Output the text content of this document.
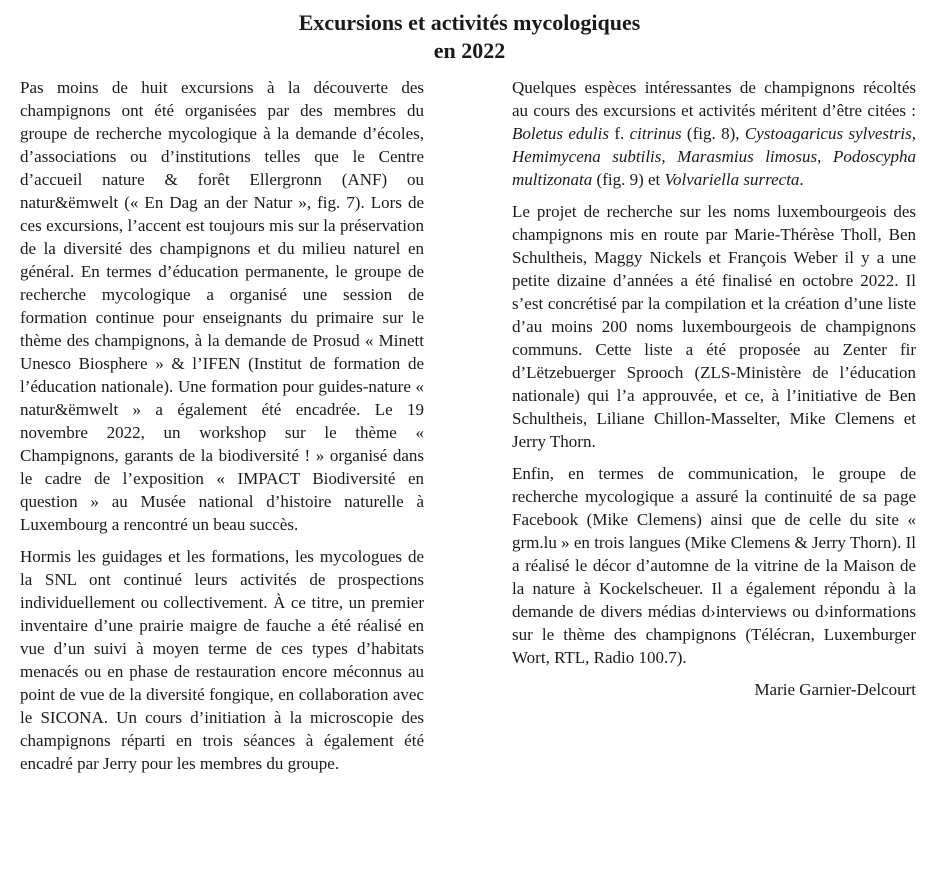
Excursions et activités mycologiques
en 2022

Pas moins de huit excursions à la découverte des champignons ont été organisées par des membres du groupe de recherche mycologique à la demande d’écoles, d’associations ou d’institutions telles que le Centre d’accueil nature & forêt Ellergronn (ANF) ou natur&ëmwelt (« En Dag an der Natur », fig. 7). Lors de ces excursions, l’accent est toujours mis sur la préservation de la diversité des champignons et du milieu naturel en général. En termes d’éducation permanente, le groupe de recherche mycologique a organisé une session de formation continue pour enseignants du primaire sur le thème des champignons, à la demande de Prosud « Minett Unesco Biosphere » & l’IFEN (Institut de formation de l’éducation nationale). Une formation pour guides-nature « natur&ëmwelt » a également été encadrée. Le 19 novembre 2022, un workshop sur le thème « Champignons, garants de la biodiversité ! » organisé dans le cadre de l’exposition « IMPACT Biodiversité en question » au Musée national d’histoire naturelle à Luxembourg a rencontré un beau succès.

Hormis les guidages et les formations, les mycologues de la SNL ont continué leurs activités de prospections individuellement ou collectivement. À ce titre, un premier inventaire d’une prairie maigre de fauche a été réalisé en vue d’un suivi à moyen terme de ces types d’habitats menacés ou en phase de restauration encore méconnus au point de vue de la diversité fongique, en collaboration avec le SICONA. Un cours d’initiation à la microscopie des champignons réparti en trois séances à également été encadré par Jerry pour les membres du groupe.

Quelques espèces intéressantes de champignons récoltés au cours des excursions et activités méritent d’être citées : Boletus edulis f. citrinus (fig. 8), Cystoagaricus sylvestris, Hemimycena subtilis, Marasmius limosus, Podoscypha multizonata (fig. 9) et Volvariella surrecta.

Le projet de recherche sur les noms luxembourgeois des champignons mis en route par Marie-Thérèse Tholl, Ben Schultheis, Maggy Nickels et François Weber il y a une petite dizaine d’années a été finalisé en octobre 2022. Il s’est concrétisé par la compilation et la création d’une liste d’au moins 200 noms luxembourgeois de champignons communs. Cette liste a été proposée au Zenter fir d’Lëtzebuerger Sprooch (ZLS-Ministère de l’éducation nationale) qui l’a approuvée, et ce, à l’initiative de Ben Schultheis, Liliane Chillon-Masselter, Mike Clemens et Jerry Thorn.

Enfin, en termes de communication, le groupe de recherche mycologique a assuré la continuité de sa page Facebook (Mike Clemens) ainsi que de celle du site « grm.lu » en trois langues (Mike Clemens & Jerry Thorn). Il a réalisé le décor d’automne de la vitrine de la Maison de la nature à Kockelscheuer. Il a également répondu à la demande de divers médias d›interviews ou d›informations sur le thème des champignons (Télécran, Luxemburger Wort, RTL, Radio 100.7).

Marie Garnier-Delcourt
